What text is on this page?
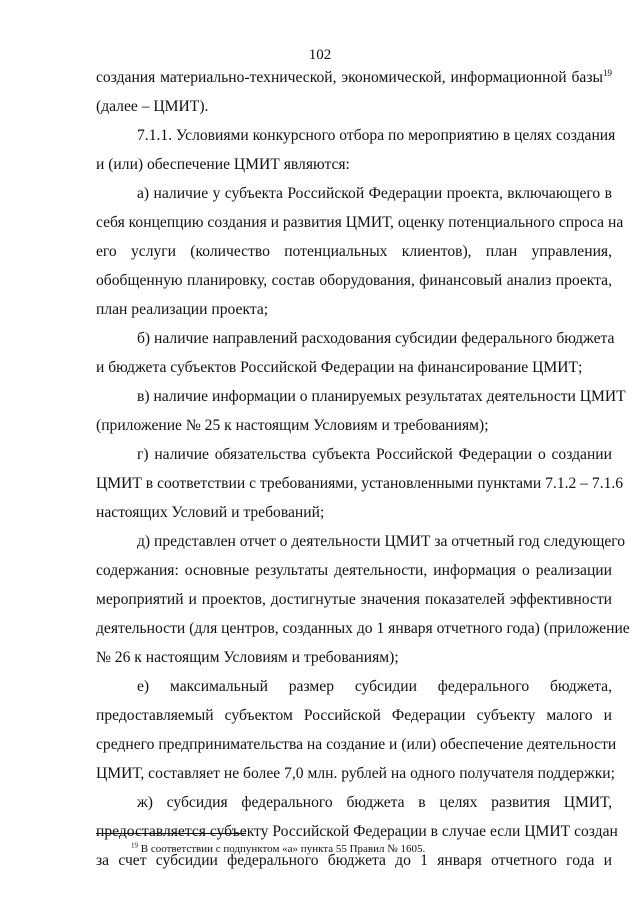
102
создания материально-технической, экономической, информационной базы$^{19}$
(далее – ЦМИТ).
7.1.1. Условиями конкурсного отбора по мероприятию в целях создания
и (или) обеспечение ЦМИТ являются:
а) наличие у субъекта Российской Федерации проекта, включающего в
себя концепцию создания и развития ЦМИТ, оценку потенциального спроса на
его услуги (количество потенциальных клиентов), план управления,
обобщенную планировку, состав оборудования, финансовый анализ проекта,
план реализации проекта;
б) наличие направлений расходования субсидии федерального бюджета
и бюджета субъектов Российской Федерации на финансирование ЦМИТ;
в) наличие информации о планируемых результатах деятельности ЦМИТ
(приложение № 25 к настоящим Условиям и требованиям);
г) наличие обязательства субъекта Российской Федерации о создании
ЦМИТ в соответствии с требованиями, установленными пунктами 7.1.2 – 7.1.6
настоящих Условий и требований;
д) представлен отчет о деятельности ЦМИТ за отчетный год следующего
содержания: основные результаты деятельности, информация о реализации
мероприятий и проектов, достигнутые значения показателей эффективности
деятельности (для центров, созданных до 1 января отчетного года) (приложение
№ 26 к настоящим Условиям и требованиям);
е) максимальный размер субсидии федерального бюджета,
предоставляемый субъектом Российской Федерации субъекту малого и
среднего предпринимательства на создание и (или) обеспечение деятельности
ЦМИТ, составляет не более 7,0 млн. рублей на одного получателя поддержки;
ж) субсидия федерального бюджета в целях развития ЦМИТ,
предоставляется субъекту Российской Федерации в случае если ЦМИТ создан
за счет субсидии федерального бюджета до 1 января отчетного года и
$^{19}$ В соответствии с подпунктом «а» пункта 55 Правил № 1605.
